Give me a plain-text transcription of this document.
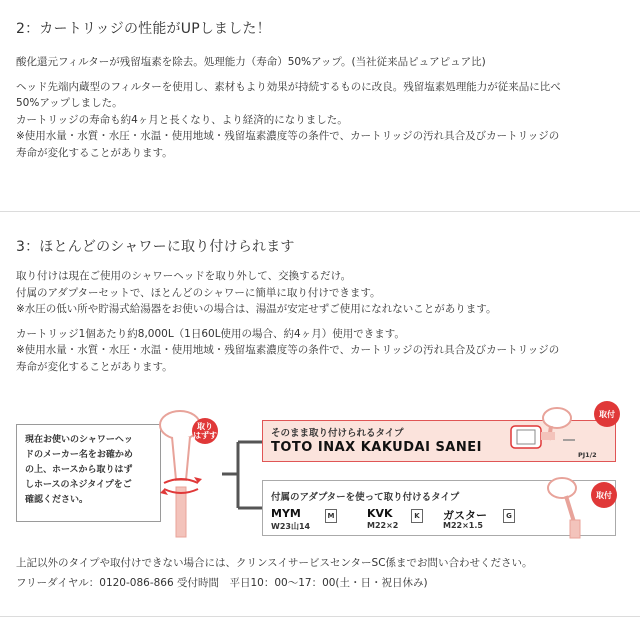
2：カートリッジの性能がUPしました！
酸化還元フィルターが残留塩素を除去。処理能力（寿命）50%アップ。(当社従来品ピュアピュア比)
ヘッド先端内蔵型のフィルターを使用し、素材もより効果が持続するものに改良。残留塩素処理能力が従来品に比べ
50%アップしました。
カートリッジの寿命も約4ヶ月と長くなり、より経済的になりました。
※使用水量・水質・水圧・水温・使用地域・残留塩素濃度等の条件で、カートリッジの汚れ具合及びカートリッジの
寿命が変化することがあります。
3：ほとんどのシャワーに取り付けられます
取り付けは現在ご使用のシャワーヘッドを取り外して、交換するだけ。
付属のアダプターセットで、ほとんどのシャワーに簡単に取り付けできます。
※水圧の低い所や貯湯式給湯器をお使いの場合は、湯温が安定せずご使用になれないことがあります。
カートリッジ1個あたり約8,000L（1日60L使用の場合、約4ヶ月）使用できます。
※使用水量・水質・水圧・水温・使用地域・残留塩素濃度等の条件で、カートリッジの汚れ具合及びカートリッジの
寿命が変化することがあります。
現在お使いのシャワーヘッ
ドのメーカー名をお確かめ
の上、ホースから取りはず
しホースのネジタイプをご
確認ください。
取り
はずす	そのまま取り付けられるタイプ
TOTO INAX KAKUDAI SANEI
取付
PJ1/2
付属のアダプターを使って取り付けるタイプ
MYM
W23山14
M	KVK
M22×2
K ガスター
M22×1.5
G
取付
上記以外のタイプや取付けできない場合には、クリンスイサービスセンターSC係までお問い合わせください。
フリーダイヤル：0120-086-866 受付時間　平日10：00～17：00(土・日・祝日休み)
